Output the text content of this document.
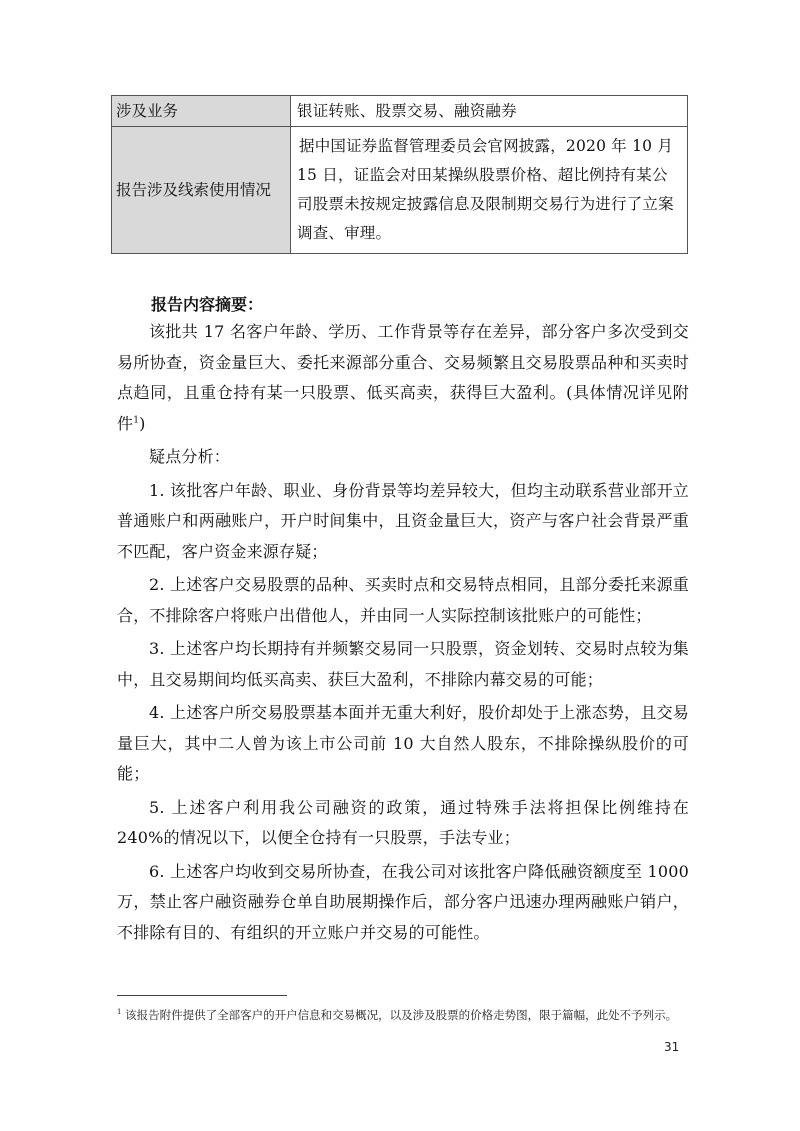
涉及业务	银证转账、股票交易、融资融券
报告涉及线索使用情况	据中国证券监督管理委员会官网披露，2020 年 10 月 15 日，证监会对田某操纵股票价格、超比例持有某公司股票未按规定披露信息及限制期交易行为进行了立案调查、审理。
报告内容摘要：

该批共 17 名客户年龄、学历、工作背景等存在差异，部分客户多次受到交易所协查，资金量巨大、委托来源部分重合、交易频繁且交易股票品种和买卖时点趋同，且重仓持有某一只股票、低买高卖，获得巨大盈利。(具体情况详见附件$^1$)

疑点分析：

1. 该批客户年龄、职业、身份背景等均差异较大，但均主动联系营业部开立普通账户和两融账户，开户时间集中，且资金量巨大，资产与客户社会背景严重不匹配，客户资金来源存疑；

2. 上述客户交易股票的品种、买卖时点和交易特点相同，且部分委托来源重合，不排除客户将账户出借他人，并由同一人实际控制该批账户的可能性；

3. 上述客户均长期持有并频繁交易同一只股票，资金划转、交易时点较为集中，且交易期间均低买高卖、获巨大盈利，不排除内幕交易的可能；

4. 上述客户所交易股票基本面并无重大利好，股价却处于上涨态势，且交易量巨大，其中二人曾为该上市公司前 10 大自然人股东，不排除操纵股价的可能；

5. 上述客户利用我公司融资的政策，通过特殊手法将担保比例维持在 240%的情况以下，以便全仓持有一只股票，手法专业；

6. 上述客户均收到交易所协查，在我公司对该批客户降低融资额度至 1000 万，禁止客户融资融券仓单自助展期操作后，部分客户迅速办理两融账户销户，不排除有目的、有组织的开立账户并交易的可能性。

$^1$ 该报告附件提供了全部客户的开户信息和交易概况，以及涉及股票的价格走势图，限于篇幅，此处不予列示。
31
